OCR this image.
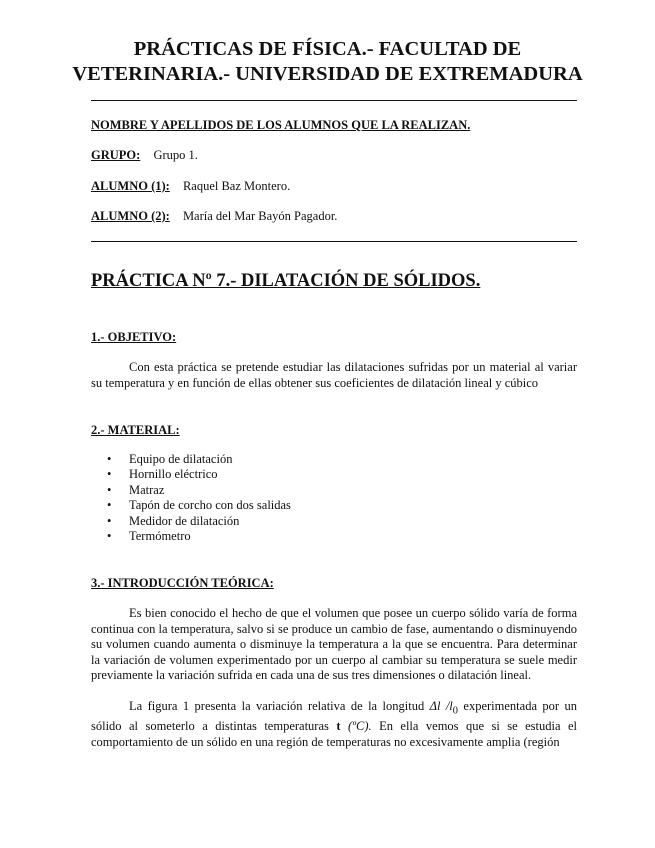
PRÁCTICAS DE FÍSICA.- FACULTAD DE
VETERINARIA.- UNIVERSIDAD DE EXTREMADURA
NOMBRE Y APELLIDOS DE LOS ALUMNOS QUE LA REALIZAN.
GRUPO: Grupo 1.
ALUMNO (1): Raquel Baz Montero.
ALUMNO (2): María del Mar Bayón Pagador.
PRÁCTICA Nº 7.- DILATACIÓN DE SÓLIDOS.
1.- OBJETIVO:

Con esta práctica se pretende estudiar las dilataciones sufridas por un material al variar su temperatura y en función de ellas obtener sus coeficientes de dilatación lineal y cúbico

2.- MATERIAL:
• Equipo de dilatación
• Hornillo eléctrico
• Matraz
• Tapón de corcho con dos salidas
• Medidor de dilatación
• Termómetro
3.- INTRODUCCIÓN TEÓRICA:

Es bien conocido el hecho de que el volumen que posee un cuerpo sólido varía de forma continua con la temperatura, salvo si se produce un cambio de fase, aumentando o disminuyendo su volumen cuando aumenta o disminuye la temperatura a la que se encuentra. Para determinar la variación de volumen experimentado por un cuerpo al cambiar su temperatura se suele medir previamente la variación sufrida en cada una de sus tres dimensiones o dilatación lineal.

La figura 1 presenta la variación relativa de la longitud Δl $/l_0$ experimentada por un sólido al someterlo a distintas temperaturas t (ºC). En ella vemos que si se estudia el comportamiento de un sólido en una región de temperaturas no excesivamente amplia (región
